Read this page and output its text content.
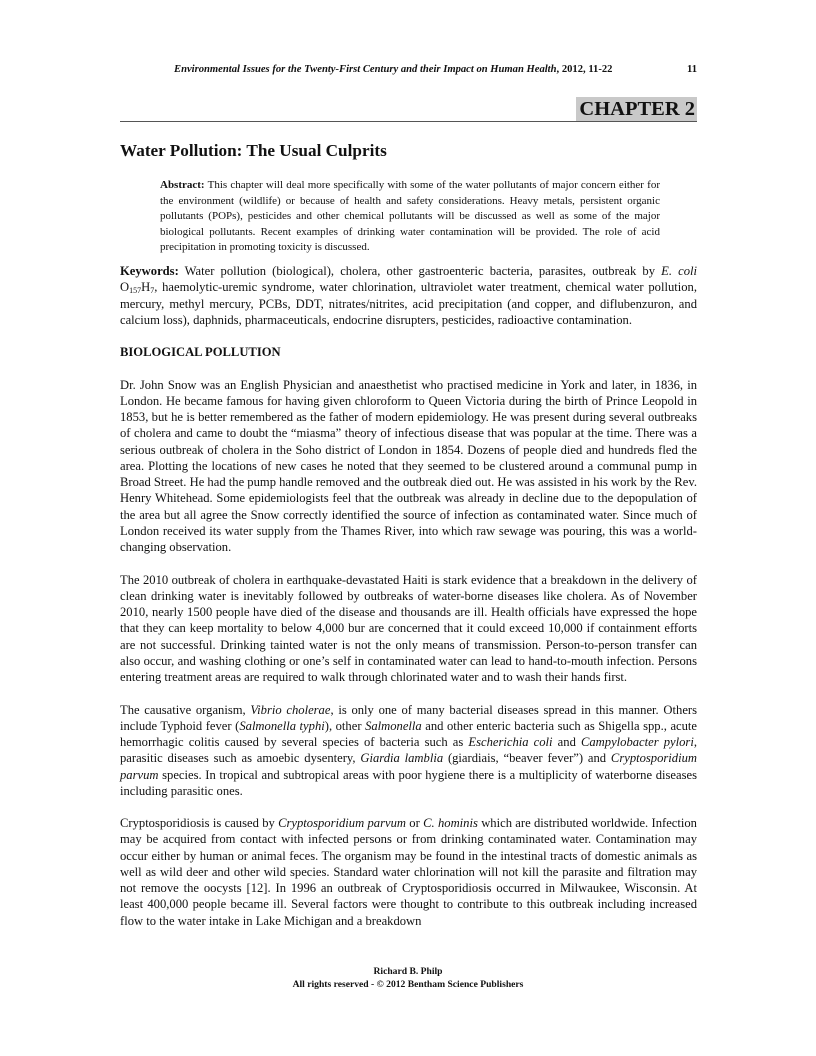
Environmental Issues for the Twenty-First Century and their Impact on Human Health, 2012, 11-22	11
CHAPTER 2
Water Pollution: The Usual Culprits

Abstract: This chapter will deal more specifically with some of the water pollutants of major concern either for the environment (wildlife) or because of health and safety considerations. Heavy metals, persistent organic pollutants (POPs), pesticides and other chemical pollutants will be discussed as well as some of the major biological pollutants. Recent examples of drinking water contamination will be provided. The role of acid precipitation in promoting toxicity is discussed.

Keywords: Water pollution (biological), cholera, other gastroenteric bacteria, parasites, outbreak by E. coli $O_{157}H_7$, haemolytic-uremic syndrome, water chlorination, ultraviolet water treatment, chemical water pollution, mercury, methyl mercury, PCBs, DDT, nitrates/nitrites, acid precipitation (and copper, and diflubenzuron, and calcium loss), daphnids, pharmaceuticals, endocrine disrupters, pesticides, radioactive contamination.

BIOLOGICAL POLLUTION

Dr. John Snow was an English Physician and anaesthetist who practised medicine in York and later, in 1836, in London. He became famous for having given chloroform to Queen Victoria during the birth of Prince Leopold in 1853, but he is better remembered as the father of modern epidemiology. He was present during several outbreaks of cholera and came to doubt the “miasma” theory of infectious disease that was popular at the time. There was a serious outbreak of cholera in the Soho district of London in 1854. Dozens of people died and hundreds fled the area. Plotting the locations of new cases he noted that they seemed to be clustered around a communal pump in Broad Street. He had the pump handle removed and the outbreak died out. He was assisted in his work by the Rev. Henry Whitehead. Some epidemiologists feel that the outbreak was already in decline due to the depopulation of the area but all agree the Snow correctly identified the source of infection as contaminated water. Since much of London received its water supply from the Thames River, into which raw sewage was pouring, this was a world-changing observation.

The 2010 outbreak of cholera in earthquake-devastated Haiti is stark evidence that a breakdown in the delivery of clean drinking water is inevitably followed by outbreaks of water-borne diseases like cholera. As of November 2010, nearly 1500 people have died of the disease and thousands are ill. Health officials have expressed the hope that they can keep mortality to below 4,000 bur are concerned that it could exceed 10,000 if containment efforts are not successful. Drinking tainted water is not the only means of transmission. Person-to-person transfer can also occur, and washing clothing or one’s self in contaminated water can lead to hand-to-mouth infection. Persons entering treatment areas are required to walk through chlorinated water and to wash their hands first.

The causative organism, Vibrio cholerae, is only one of many bacterial diseases spread in this manner. Others include Typhoid fever (Salmonella typhi), other Salmonella and other enteric bacteria such as Shigella spp., acute hemorrhagic colitis caused by several species of bacteria such as Escherichia coli and Campylobacter pylori, parasitic diseases such as amoebic dysentery, Giardia lamblia (giardiais, “beaver fever”) and Cryptosporidium parvum species. In tropical and subtropical areas with poor hygiene there is a multiplicity of waterborne diseases including parasitic ones.

Cryptosporidiosis is caused by Cryptosporidium parvum or C. hominis which are distributed worldwide. Infection may be acquired from contact with infected persons or from drinking contaminated water. Contamination may occur either by human or animal feces. The organism may be found in the intestinal tracts of domestic animals as well as wild deer and other wild species. Standard water chlorination will not kill the parasite and filtration may not remove the oocysts [12]. In 1996 an outbreak of Cryptosporidiosis occurred in Milwaukee, Wisconsin. At least 400,000 people became ill. Several factors were thought to contribute to this outbreak including increased flow to the water intake in Lake Michigan and a breakdown

Richard B. Philp
All rights reserved - © 2012 Bentham Science Publishers
